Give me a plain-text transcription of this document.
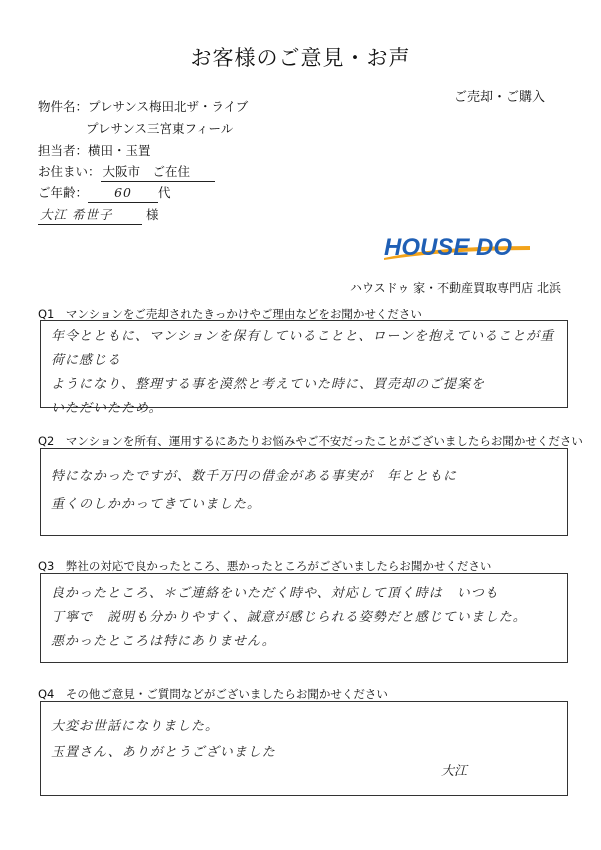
お客様のご意見・お声
ご売却・ご購入
物件名：プレサンス梅田北ザ・ライブ
プレサンス三宮東フィール
担当者：横田・玉置
お住まい： 大阪市　ご在住
ご年齢： 60 代
大江 希世子	様
HOUSE DO
ハウスドゥ 家・不動産買取専門店 北浜
Q1　マンションをご売却されたきっかけやご理由などをお聞かせください
年令とともに、マンションを保有していることと、ローンを抱えていることが重荷に感じる
ようになり、整理する事を漠然と考えていた時に、買売却のご提案を
いただいたため。
Q2　マンションを所有、運用するにあたりお悩みやご不安だったことがございましたらお聞かせください
特になかったですが、数千万円の借金がある事実が　年とともに
重くのしかかってきていました。
Q3　弊社の対応で良かったところ、悪かったところがございましたらお聞かせください
良かったところ、＊ご連絡をいただく時や、対応して頂く時は　いつも
丁寧で　説明も分かりやすく、誠意が感じられる姿勢だと感じていました。
悪かったところは特にありません。
Q4　その他ご意見・ご質問などがございましたらお聞かせください
大変お世話になりました。
玉置さん、ありがとうございました
大江
